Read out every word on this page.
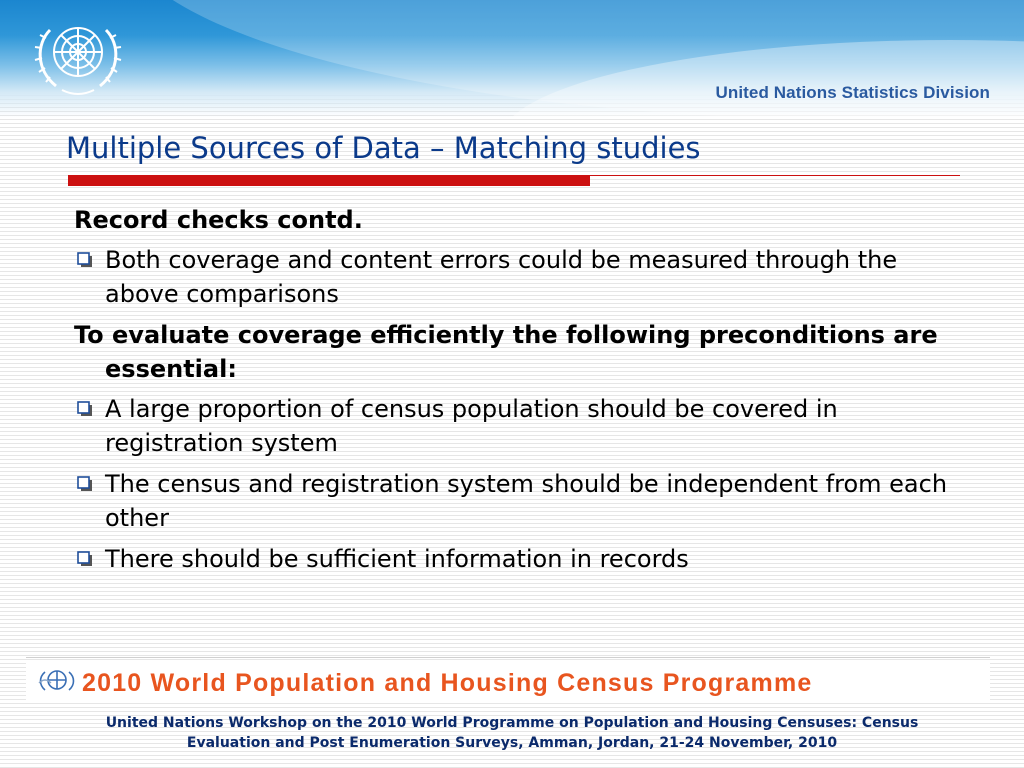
United Nations Statistics Division
Multiple Sources of Data – Matching studies
Record checks contd.
Both coverage and content errors could be measured through the above comparisons
To evaluate coverage efficiently the following preconditions are essential:
A large proportion of census population should be covered in registration system
The census and registration system should be independent from each other
There should be sufficient information in records
2010 World Population and Housing Census Programme
United Nations Workshop on the 2010 World Programme on Population and Housing Censuses: Census
Evaluation and Post Enumeration Surveys, Amman, Jordan, 21-24 November, 2010
